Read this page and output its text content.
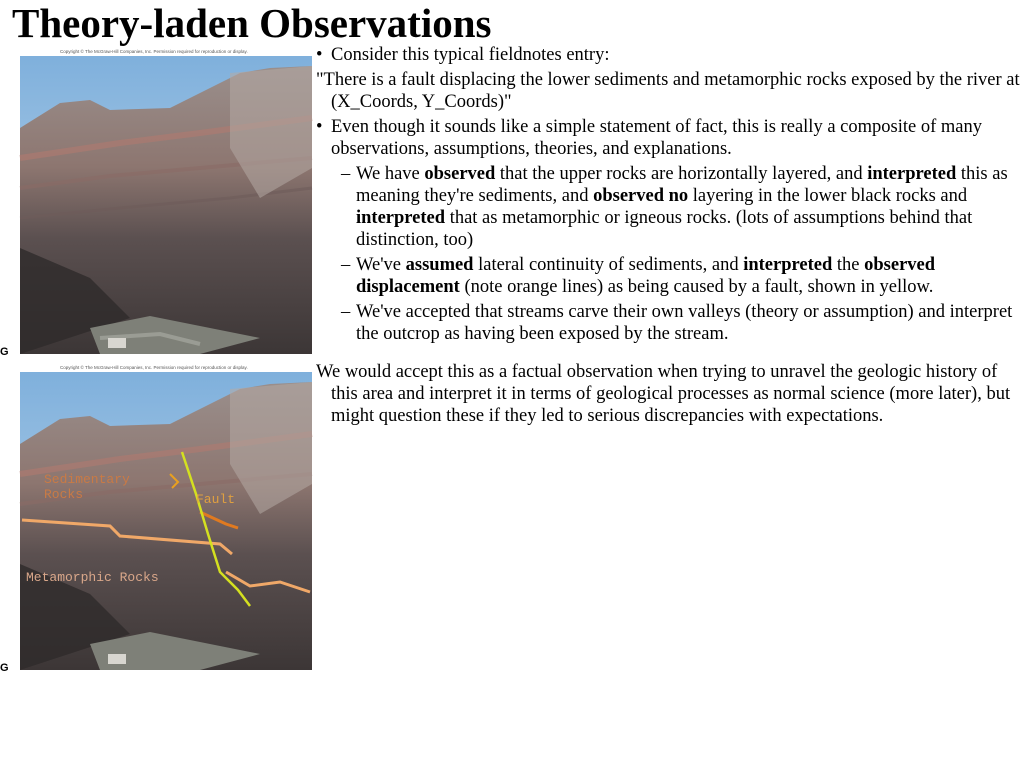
Theory-laden Observations
Copyright © The McGraw-Hill Companies, Inc. Permission required for reproduction or display.
G
Copyright © The McGraw-Hill Companies, Inc. Permission required for reproduction or display.
Sedimentary
Rocks	Fault
Metamorphic Rocks
G

• Consider this typical fieldnotes entry:

"There is a fault displacing the lower sediments and metamorphic rocks exposed by the river at (X_Coords, Y_Coords)"

• Even though it sounds like a simple statement of fact, this is really a composite of many observations, assumptions, theories, and explanations.

– We have observed that the upper rocks are horizontally layered, and interpreted this as meaning they're sediments, and observed no layering in the lower black rocks and interpreted that as metamorphic or igneous rocks. (lots of assumptions behind that distinction, too)

– We've assumed lateral continuity of sediments, and interpreted the observed displacement (note orange lines) as being caused by a fault, shown in yellow.

– We've accepted that streams carve their own valleys (theory or assumption) and interpret the outcrop as having been exposed by the stream.

We would accept this as a factual observation when trying to unravel the geologic history of this area and interpret it in terms of geological processes as normal science (more later), but might question these if they led to serious discrepancies with expectations.
